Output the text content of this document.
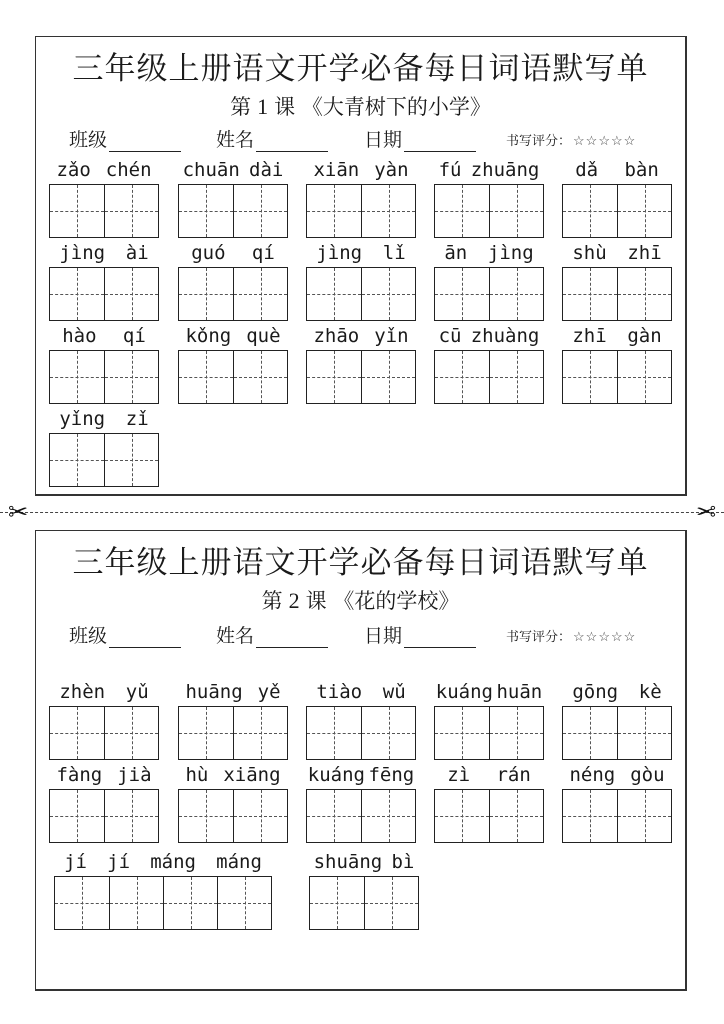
三年级上册语文开学必备每日词语默写单
第 1 课 《大青树下的小学》
班级	姓名	日期	书写评分： ☆☆☆☆☆
zǎo chén chuān dài xiān yàn fú zhuāng dǎ bàn
jìng ài guó qí jìng lǐ ān jìng shù zhī
hào qí kǒng què zhāo yǐn cū zhuàng zhī gàn
yǐng zǐ
✂	✂
三年级上册语文开学必备每日词语默写单
第 2 课 《花的学校》
班级	姓名	日期	书写评分： ☆☆☆☆☆
zhèn yǔ huāng yě tiào wǔ kuáng huān gōng kè
fàng jià hù xiāng kuáng fēng zì rán néng gòu
jí jí máng máng	shuāng bì
